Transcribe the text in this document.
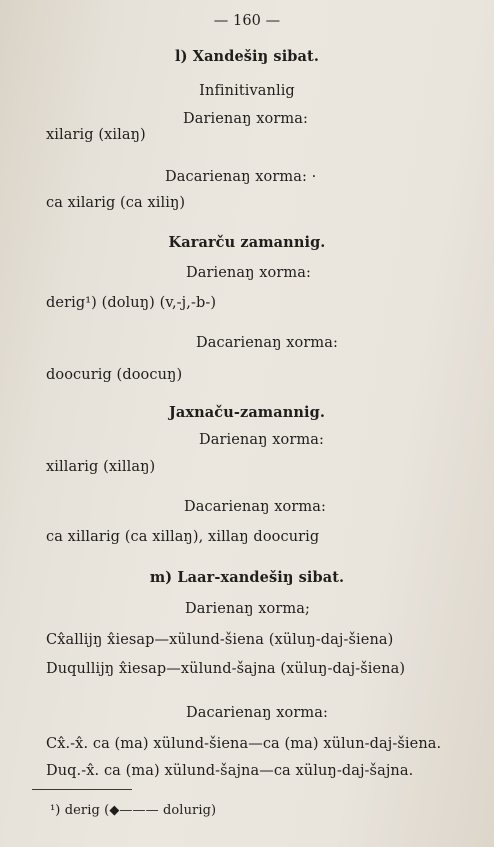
— 160 —
l) Xandešiŋ sibat.
Infinitivanlig
Darienaŋ xorma:
xilarig (xilaŋ)
Dacarienaŋ xorma: ·
ca xilarig (ca xiliŋ)
Kararču zamannig.
Darienaŋ xorma:
derig¹) (doluŋ) (v,-j,-b-)
Dacarienaŋ xorma:
doocurig (doocuŋ)
Jaxnaču-zamannig.
Darienaŋ xorma:
xillarig (xillaŋ)
Dacarienaŋ xorma:
ca xillarig (ca xillaŋ), xillaŋ doocurig
m) Laar-xandešiŋ sibat.
Darienaŋ xorma;
Cx̂alliјŋ x̂iesap—xülund-šiena (xüluŋ-daj-šiena)
Duqulliјŋ x̂iesap—xülund-šajna (xüluŋ-daj-šiena)
Dacarienaŋ xorma:
Cx̂.-x̂. ca (ma) xülund-šiena—ca (ma) xülun-daj-šiena.
Duq.-x̂. ca (ma) xülund-šajna—ca xüluŋ-daj-šajna.
¹) derig (◆——— dolurig)
